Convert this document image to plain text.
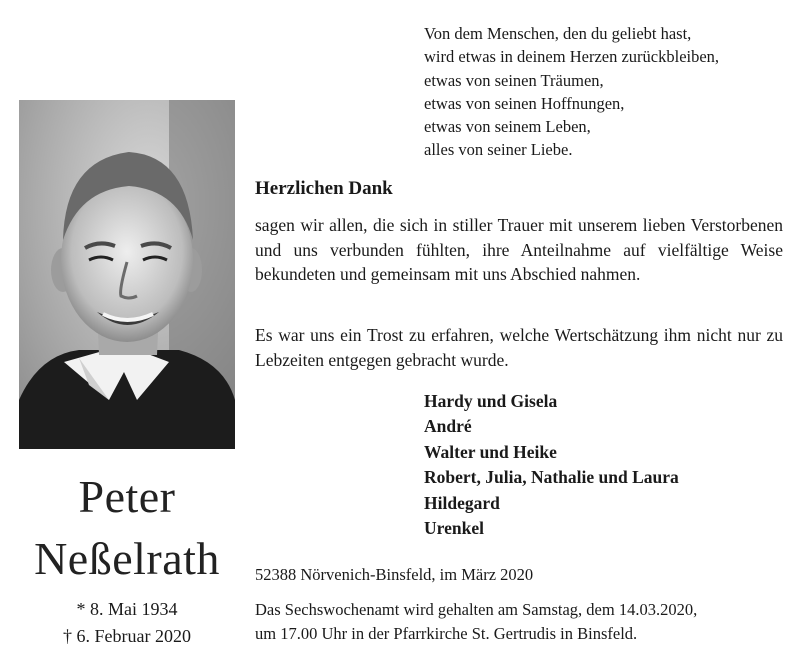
Peter
Neßelrath
* 8. Mai 1934
† 6. Februar 2020
Von dem Menschen, den du geliebt hast,
wird etwas in deinem Herzen zurückbleiben,
etwas von seinen Träumen,
etwas von seinen Hoffnungen,
etwas von seinem Leben,
alles von seiner Liebe.
Herzlichen Dank

sagen wir allen, die sich in stiller Trauer mit unserem lieben Verstorbenen und uns verbunden fühlten, ihre Anteilnahme auf vielfältige Weise bekundeten und gemeinsam mit uns Abschied nahmen.

Es war uns ein Trost zu erfahren, welche Wertschätzung ihm nicht nur zu Lebzeiten entgegen gebracht wurde.

Hardy und Gisela
André
Walter und Heike
Robert, Julia, Nathalie und Laura
Hildegard
Urenkel
52388 Nörvenich-Binsfeld, im März 2020
Das Sechswochenamt wird gehalten am Samstag, dem 14.03.2020,
um 17.00 Uhr in der Pfarrkirche St. Gertrudis in Binsfeld.
